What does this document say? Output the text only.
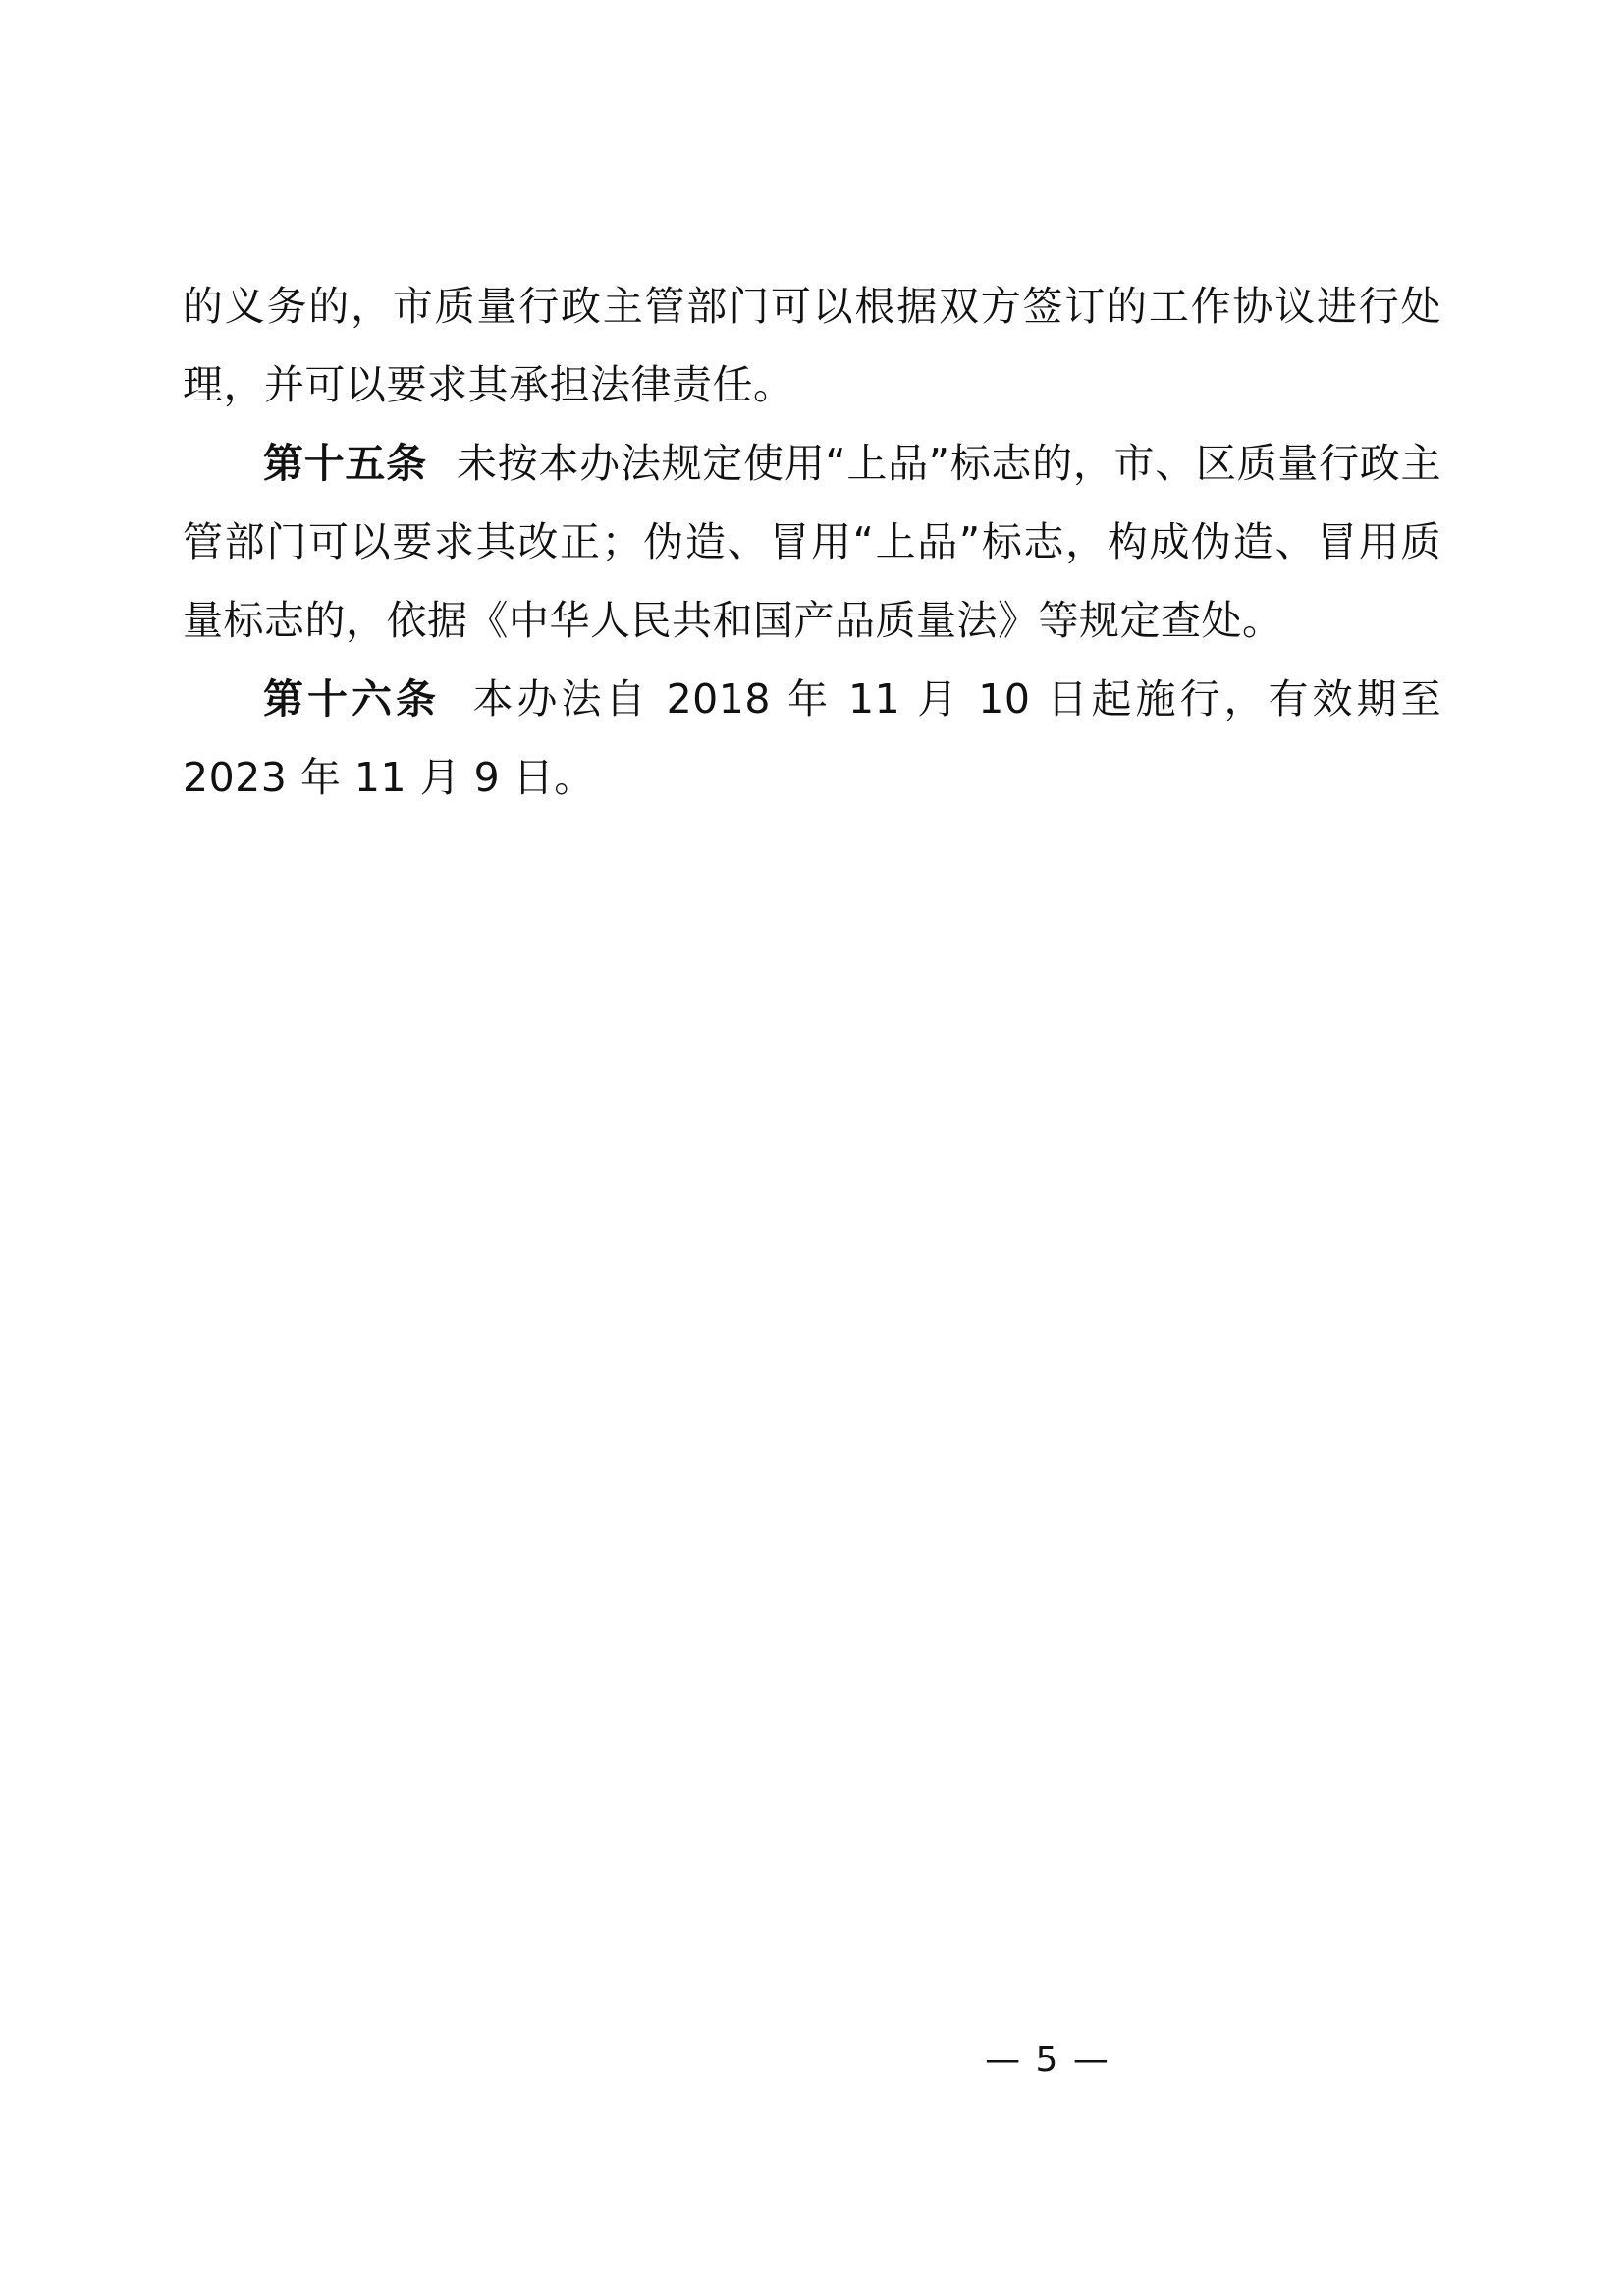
的义务的，市质量行政主管部门可以根据双方签订的工作协议进行处理，并可以要求其承担法律责任。

第十五条 未按本办法规定使用“上品”标志的，市、区质量行政主管部门可以要求其改正；伪造、冒用“上品”标志，构成伪造、冒用质量标志的，依据《中华人民共和国产品质量法》等规定查处。

第十六条 本办法自 2018 年 11 月 10 日起施行，有效期至 2023 年 11 月 9 日。

— 5 —
